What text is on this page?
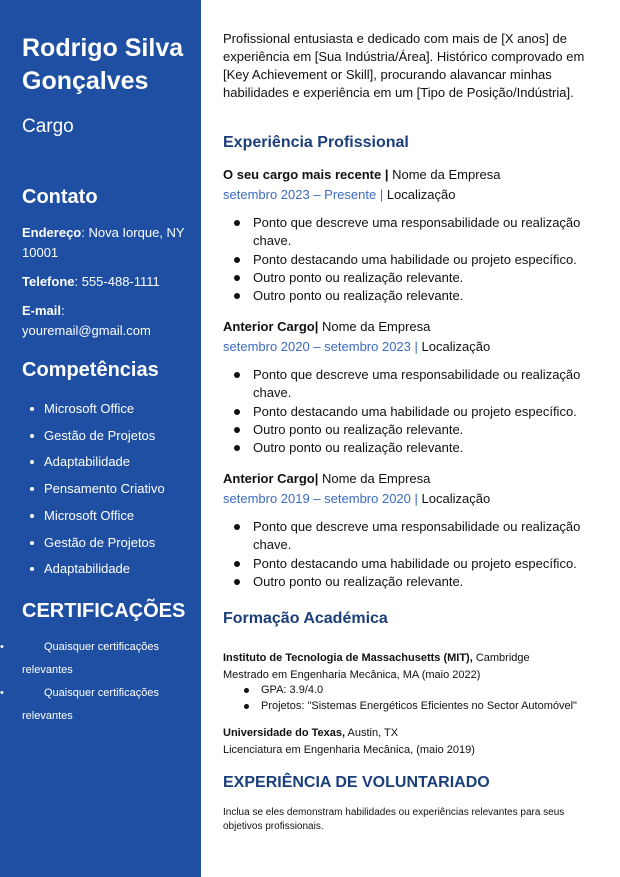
Rodrigo Silva Gonçalves

Cargo

Contato

Endereço: Nova Iorque, NY 10001

Telefone: 555-488-1111

E-mail: youremail@gmail.com

Competências
Microsoft Office
Gestão de Projetos
Adaptabilidade
Pensamento Criativo
Microsoft Office
Gestão de Projetos
Adaptabilidade
CERTIFICAÇÕES
• Quaisquer certificações relevantes
• Quaisquer certificações relevantes

Profissional entusiasta e dedicado com mais de [X anos] de experiência em [Sua Indústria/Área]. Histórico comprovado em [Key Achievement or Skill], procurando alavancar minhas habilidades e experiência em um [Tipo de Posição/Indústria].

Experiência Profissional

O seu cargo mais recente | Nome da Empresa

setembro 2023 – Presente | Localização

Ponto que descreve uma responsabilidade ou realização chave.
Ponto destacando uma habilidade ou projeto específico.
Outro ponto ou realização relevante.
Outro ponto ou realização relevante.

Anterior Cargo| Nome da Empresa

setembro 2020 – setembro 2023 | Localização

Ponto que descreve uma responsabilidade ou realização chave.
Ponto destacando uma habilidade ou projeto específico.
Outro ponto ou realização relevante.
Outro ponto ou realização relevante.

Anterior Cargo| Nome da Empresa

setembro 2019 – setembro 2020 | Localização

Ponto que descreve uma responsabilidade ou realização chave.
Ponto destacando uma habilidade ou projeto específico.
Outro ponto ou realização relevante.
Formação Académica

Instituto de Tecnologia de Massachusetts (MIT), Cambridge

Mestrado em Engenharia Mecânica, MA (maio 2022)

GPA: 3.9/4.0
Projetos: "Sistemas Energéticos Eficientes no Sector Automóvel"

Universidade do Texas, Austin, TX

Licenciatura em Engenharia Mecânica, (maio 2019)

EXPERIÊNCIA DE VOLUNTARIADO

Inclua se eles demonstram habilidades ou experiências relevantes para seus objetivos profissionais.
